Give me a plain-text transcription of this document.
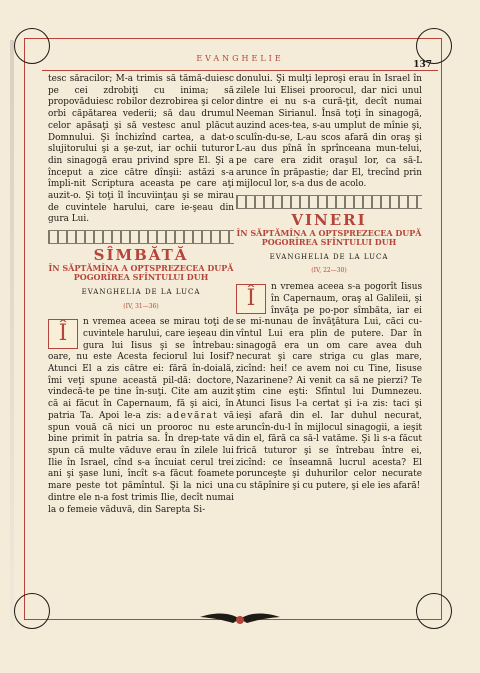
EVANGHELIE
137

tesc săracilor; M-a trimis să tămă-duiesc pe cei zdrobiţi cu inima; să propovăduiesc robilor dezrobirea şi celor orbi căpătarea vederii; să dau drumul celor apăsaţi şi să vestesc anul plăcut Domnului. Şi închizînd cartea, a dat-o slujitorului şi a şe-zut, iar ochii tuturor din sinagogă erau privind spre El. Şi a început a zice către dînşii: astăzi s-a împli-nit Scriptura aceasta pe care aţi auzit-o. Şi toţi îl încuviinţau şi se mirau de cuvintele harului, care ie-şeau din gura Lui.

SÎMBĂTĂ
ÎN SĂPTĂMÎNA A OPTSPREZECEA DUPĂ POGORÎREA SFÎNTULUI DUH
EVANGHELIA DE LA LUCA
(IV, 31—36)

Î	n vremea aceea se mirau toţi de cuvintele harului, care ieşeau din gura lui Iisus şi se întrebau: oare, nu este Acesta feciorul lui Iosif? Atunci El a zis către ei: fără în-doială, îmi veţi spune această pil-dă: doctore, vindecă-te pe tine în-suţi. Cite am auzit că ai făcut în Capernaum, fă şi aici, în patria Ta. Apoi le-a zis: adevărat vă spun vouă că nici un prooroc nu este bine primit în patria sa. În drep-tate vă spun că multe văduve erau în zilele lui Ilie în Israel, cînd s-a încuiat cerul trei ani şi şase luni, încît s-a făcut foamete mare peste tot pămîntul. Şi la nici una dintre ele n-a fost trimis Ilie, decît numai la o femeie văduvă, din Sarepta Si-

donului. Şi mulţi leproşi erau în Israel în zilele lui Elisei proorocul, dar nici unul dintre ei nu s-a cură-ţit, decît numai Neeman Sirianul. Însă toţi în sinagogă, auzind aces-tea, s-au umplut de mînie şi, sculîn-du-se, L-au scos afară din oraş şi L-au dus pînă în sprînceana mun-telui, pe care era zidit oraşul lor, ca să-L arunce în prăpastie; dar El, trecînd prin mijlocul lor, s-a dus de acolo.

VINERI
ÎN SĂPTĂMÎNA A OPTSPREZECEA DUPĂ POGORÎREA SFÎNTULUI DUH
EVANGHELIA DE LA LUCA
(IV, 22—30)

Î	n vremea aceea s-a pogorît Iisus în Capernaum, oraş al Galileii, şi învăţa pe po-por sîmbăta, iar ei se mi-nunau de învăţătura Lui, căci cu-vîntul Lui era plin de putere. Dar în sinagogă era un om care avea duh necurat şi care striga cu glas mare, zicînd: hei! ce avem noi cu Tine, Iisuse Nazarinene? Ai venit ca să ne pierzi? Te ştim cine eşti: Sfîntul lui Dumnezeu. Atunci Iisus l-a certat şi i-a zis: taci şi ieşi afară din el. Iar duhul necurat, aruncîn-du-l în mijlocul sinagogii, a ieşit din el, fără ca să-l vatăme. Şi li s-a făcut frică tuturor şi se întrebau între ei, zicînd: ce înseamnă lucrul acesta? El porunceşte şi duhurilor celor necurate cu stăpînire şi cu putere, şi ele ies afară!
